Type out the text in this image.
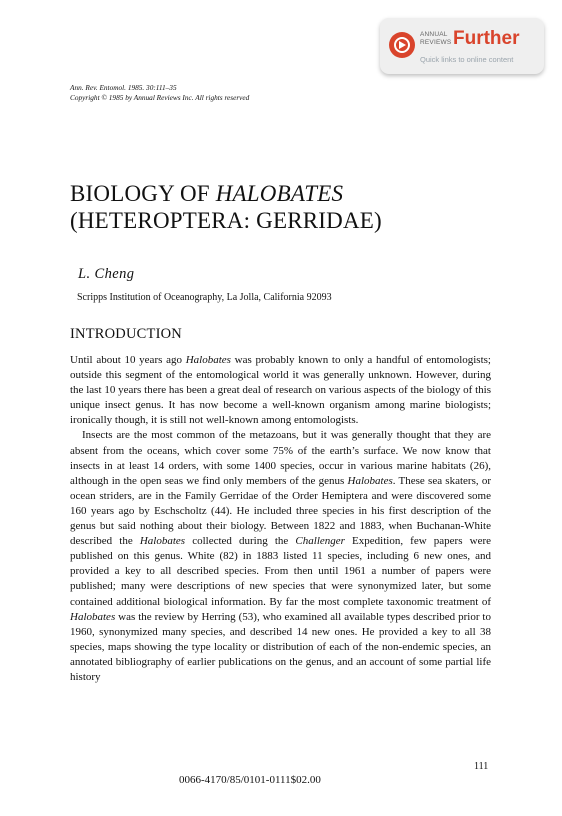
ANNUAL
REVIEWS Further
Quick links to online content
Ann. Rev. Entomol. 1985. 30:111–35
Copyright © 1985 by Annual Reviews Inc. All rights reserved
BIOLOGY OF HALOBATES
(HETEROPTERA: GERRIDAE)
L. Cheng
Scripps Institution of Oceanography, La Jolla, California 92093
INTRODUCTION

Until about 10 years ago Halobates was probably known to only a handful of entomologists; outside this segment of the entomological world it was generally unknown. However, during the last 10 years there has been a great deal of research on various aspects of the biology of this unique insect genus. It has now become a well-known organism among marine biologists; ironically though, it is still not well-known among entomologists.

Insects are the most common of the metazoans, but it was generally thought that they are absent from the oceans, which cover some 75% of the earth’s surface. We now know that insects in at least 14 orders, with some 1400 species, occur in various marine habitats (26), although in the open seas we find only members of the genus Halobates. These sea skaters, or ocean striders, are in the Family Gerridae of the Order Hemiptera and were discovered some 160 years ago by Eschscholtz (44). He included three species in his first description of the genus but said nothing about their biology. Between 1822 and 1883, when Buchanan-White described the Halobates collected during the Challenger Expedition, few papers were published on this genus. White (82) in 1883 listed 11 species, including 6 new ones, and provided a key to all described species. From then until 1961 a number of papers were published; many were descriptions of new species that were synonymized later, but some contained additional biological information. By far the most complete taxonomic treatment of Halobates was the review by Herring (53), who examined all available types described prior to 1960, synonymized many species, and described 14 new ones. He provided a key to all 38 species, maps showing the type locality or distribution of each of the non-endemic species, an annotated bibliography of earlier publications on the genus, and an account of some partial life history

111
0066-4170/85/0101-0111$02.00
